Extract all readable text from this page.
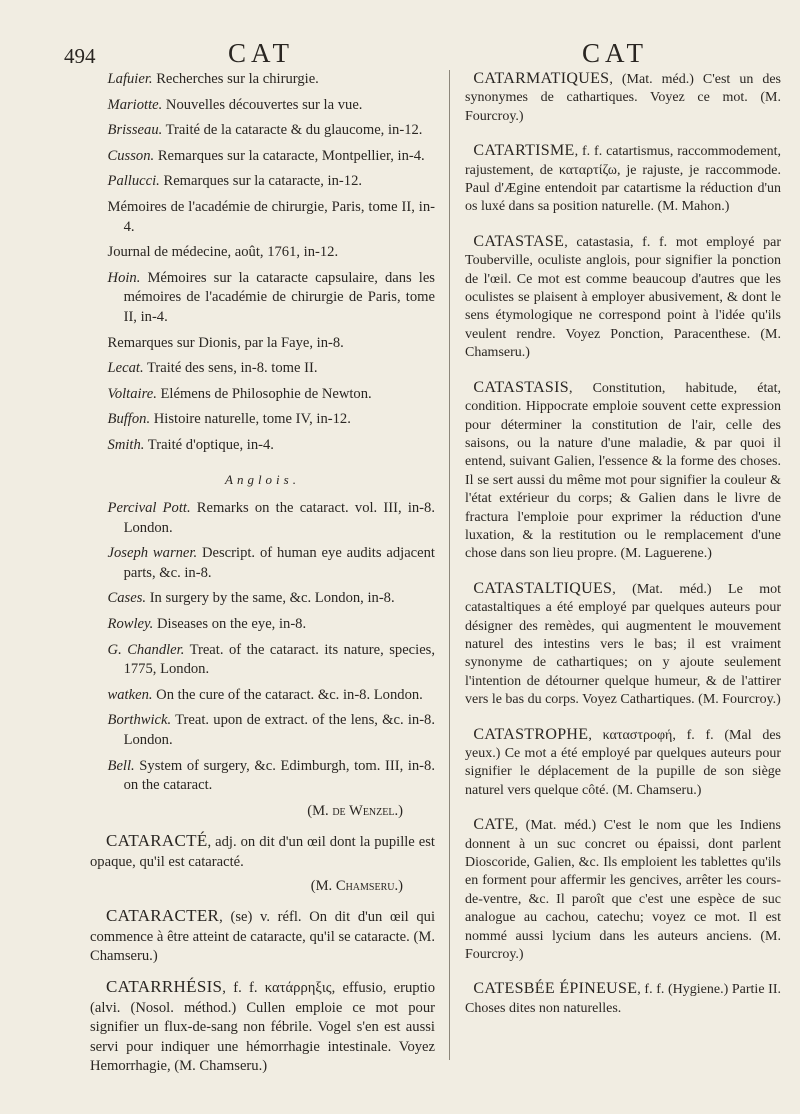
494	CAT	CAT
Lafuier. Recherches sur la chirurgie.
Mariotte. Nouvelles découvertes sur la vue.
Brisseau. Traité de la cataracte & du glaucome, in-12.
Cusson. Remarques sur la cataracte, Montpellier, in-4.
Pallucci. Remarques sur la cataracte, in-12.
Mémoires de l'académie de chirurgie, Paris, tome II, in-4.
Journal de médecine, août, 1761, in-12.
Hoin. Mémoires sur la cataracte capsulaire, dans les mémoires de l'académie de chirurgie de Paris, tome II, in-4.
Remarques sur Dionis, par la Faye, in-8.
Lecat. Traité des sens, in-8. tome II.
Voltaire. Elémens de Philosophie de Newton.
Buffon. Histoire naturelle, tome IV, in-12.
Smith. Traité d'optique, in-4.
Anglois.
Percival Pott. Remarks on the cataract. vol. III, in-8. London.
Joseph warner. Descript. of human eye audits adjacent parts, &c. in-8.
Cases. In surgery by the same, &c. London, in-8.
Rowley. Diseases on the eye, in-8.
G. Chandler. Treat. of the cataract. its nature, species, 1775, London.
watken. On the cure of the cataract. &c. in-8. London.
Borthwick. Treat. upon de extract. of the lens, &c. in-8. London.
Bell. System of surgery, &c. Edimburgh, tom. III, in-8. on the cataract.
(M. de Wenzel.)
CATARACTÉ, adj. on dit d'un œil dont la pupille est opaque, qu'il est cataracté.
(M. Chamseru.)
CATARACTER, (se) v. réfl. On dit d'un œil qui commence à être atteint de cataracte, qu'il se cataracte. (M. Chamseru.)
CATARRHÉSIS, f. f. κατάρρηξις, effusio, eruptio (alvi. (Nosol. méthod.) Cullen emploie ce mot pour signifier un flux-de-sang non fébrile. Vogel s'en est aussi servi pour indiquer une hémorrhagie intestinale. Voyez Hemorrhagie, (M. Chamseru.)
CATARMATIQUES, (Mat. méd.) C'est un des synonymes de cathartiques. Voyez ce mot. (M. Fourcroy.)
CATARTISME, f. f. catartismus, raccommodement, rajustement, de καταρτίζω, je rajuste, je raccommode. Paul d'Ægine entendoit par catartisme la réduction d'un os luxé dans sa position naturelle. (M. Mahon.)
CATASTASE, catastasia, f. f. mot employé par Touberville, oculiste anglois, pour signifier la ponction de l'œil. Ce mot est comme beaucoup d'autres que les oculistes se plaisent à employer abusivement, & dont le sens étymologique ne correspond point à l'idée qu'ils veulent rendre. Voyez Ponction, Paracenthese. (M. Chamseru.)
CATASTASIS, Constitution, habitude, état, condition. Hippocrate emploie souvent cette expression pour déterminer la constitution de l'air, celle des saisons, ou la nature d'une maladie, & par quoi il entend, suivant Galien, l'essence & la forme des choses. Il se sert aussi du même mot pour signifier la couleur & l'état extérieur du corps; & Galien dans le livre de fractura l'emploie pour exprimer la réduction d'une luxation, & la restitution ou le remplacement d'une chose dans son lieu propre. (M. Laguerene.)
CATASTALTIQUES, (Mat. méd.) Le mot catastaltiques a été employé par quelques auteurs pour désigner des remèdes, qui augmentent le mouvement naturel des intestins vers le bas; il est vraiment synonyme de cathartiques; on y ajoute seulement l'intention de détourner quelque humeur, & de l'attirer vers le bas du corps. Voyez Cathartiques. (M. Fourcroy.)
CATASTROPHE, καταστροφή, f. f. (Mal des yeux.) Ce mot a été employé par quelques auteurs pour signifier le déplacement de la pupille de son siège naturel vers quelque côté. (M. Chamseru.)
CATE, (Mat. méd.) C'est le nom que les Indiens donnent à un suc concret ou épaissi, dont parlent Dioscoride, Galien, &c. Ils emploient les tablettes qu'ils en forment pour affermir les gencives, arrêter les cours-de-ventre, &c. Il paroît que c'est une espèce de suc analogue au cachou, catechu; voyez ce mot. Il est nommé aussi lycium dans les auteurs anciens. (M. Fourcroy.)
CATESBÉE ÉPINEUSE, f. f. (Hygiene.) Partie II. Choses dites non naturelles.
